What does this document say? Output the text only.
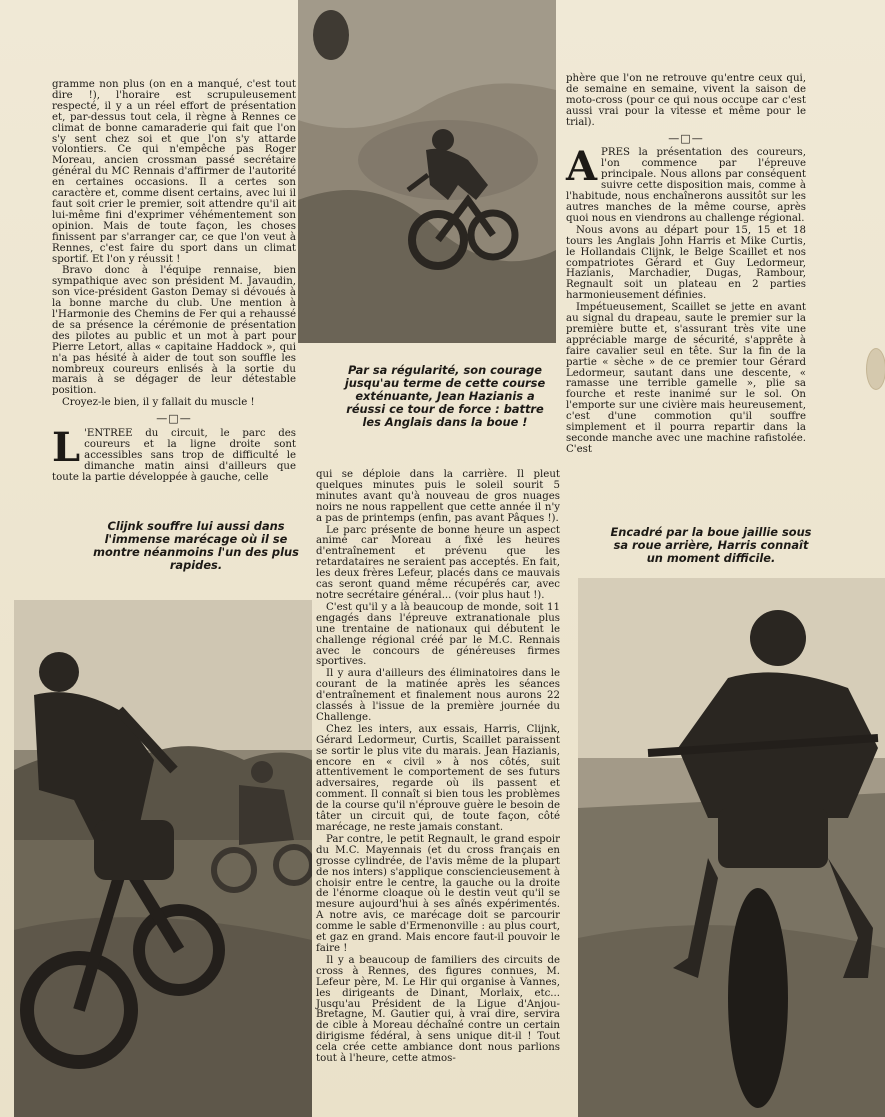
gramme non plus (on en a manqué, c'est tout dire !), l'horaire est scrupuleusement respecté, il y a un réel effort de présentation et, par-dessus tout cela, il règne à Rennes ce climat de bonne camaraderie qui fait que l'on s'y sent chez soi et que l'on s'y attarde volontiers. Ce qui n'empêche pas Roger Moreau, ancien crossman passé secrétaire général du MC Rennais d'affirmer de l'autorité en certaines occasions. Il a certes son caractère et, comme disent certains, avec lui il faut soit crier le premier, soit attendre qu'il ait lui-même fini d'exprimer véhémentement son opinion. Mais de toute façon, les choses finissent par s'arranger car, ce que l'on veut à Rennes, c'est faire du sport dans un climat sportif. Et l'on y réussit !

Bravo donc à l'équipe rennaise, bien sympathique avec son président M. Javaudin, son vice-président Gaston Demay si dévoués à la bonne marche du club. Une mention à l'Harmonie des Chemins de Fer qui a rehaussé de sa présence la cérémonie de présentation des pilotes au public et un mot à part pour Pierre Letort, allas « capitaine Haddock », qui n'a pas hésité à aider de tout son souffle les nombreux coureurs enlisés à la sortie du marais à se dégager de leur détestable position.

Croyez-le bien, il y fallait du muscle !

—□—

L 'ENTREE du circuit, le parc des coureurs et la ligne droite sont accessibles sans trop de difficulté le dimanche matin ainsi d'ailleurs que toute la partie développée à gauche, celle

Par sa régularité, son courage jusqu'au terme de cette course exténuante, Jean Hazianis a réussi ce tour de force : battre les Anglais dans la boue !
Clijnk souffre lui aussi dans l'immense marécage où il se montre néanmoins l'un des plus rapides.

qui se déploie dans la carrière. Il pleut quelques minutes puis le soleil sourit 5 minutes avant qu'à nouveau de gros nuages noirs ne nous rappellent que cette année il n'y a pas de printemps (enfin, pas avant Pâques !).

Le parc présente de bonne heure un aspect animé car Moreau a fixé les heures d'entraînement et prévenu que les retardataires ne seraient pas acceptés. En fait, les deux frères Lefeur, placés dans ce mauvais cas seront quand même récupérés car, avec notre secrétaire général... (voir plus haut !).

C'est qu'il y a là beaucoup de monde, soit 11 engagés dans l'épreuve extranationale plus une trentaine de nationaux qui débutent le challenge régional créé par le M.C. Rennais avec le concours de généreuses firmes sportives.

Il y aura d'ailleurs des éliminatoires dans le courant de la matinée après les séances d'entraînement et finalement nous aurons 22 classés à l'issue de la première journée du Challenge.

Chez les inters, aux essais, Harris, Clijnk, Gérard Ledormeur, Curtis, Scaillet paraissent se sortir le plus vite du marais. Jean Hazianis, encore en « civil » à nos côtés, suit attentivement le comportement de ses futurs adversaires, regarde où ils passent et comment. Il connaît si bien tous les problèmes de la course qu'il n'éprouve guère le besoin de tâter un circuit qui, de toute façon, côté marécage, ne reste jamais constant.

Par contre, le petit Regnault, le grand espoir du M.C. Mayennais (et du cross français en grosse cylindrée, de l'avis même de la plupart de nos inters) s'applique consciencieusement à choisir entre le centre, la gauche ou la droite de l'énorme cloaque où le destin veut qu'il se mesure aujourd'hui à ses aînés expérimentés. A notre avis, ce marécage doit se parcourir comme le sable d'Ermenonville : au plus court, et gaz en grand. Mais encore faut-il pouvoir le faire !

Il y a beaucoup de familiers des circuits de cross à Rennes, des figures connues, M. Lefeur père, M. Le Hir qui organise à Vannes, les dirigeants de Dinant, Morlaix, etc... Jusqu'au Président de la Ligue d'Anjou-Bretagne, M. Gautier qui, à vrai dire, servira de cible à Moreau déchaîné contre un certain dirigisme fédéral, à sens unique dit-il ! Tout cela crée cette ambiance dont nous parlions tout à l'heure, cette atmos-

phère que l'on ne retrouve qu'entre ceux qui, de semaine en semaine, vivent la saison de moto-cross (pour ce qui nous occupe car c'est aussi vrai pour la vitesse et même pour le trial).

—□—

APRES la présentation des coureurs, l'on commence par l'épreuve principale. Nous allons par conséquent suivre cette disposition mais, comme à l'habitude, nous enchaînerons aussitôt sur les autres manches de la même course, après quoi nous en viendrons au challenge régional.

Nous avons au départ pour 15, 15 et 18 tours les Anglais John Harris et Mike Curtis, le Hollandais Clijnk, le Belge Scaillet et nos compatriotes Gérard et Guy Ledormeur, Hazianis, Marchadier, Dugas, Rambour, Regnault soit un plateau en 2 parties harmonieusement définies.

Impétueusement, Scaillet se jette en avant au signal du drapeau, saute le premier sur la première butte et, s'assurant très vite une appréciable marge de sécurité, s'apprête à faire cavalier seul en tête. Sur la fin de la partie « sèche » de ce premier tour Gérard Ledormeur, sautant dans une descente, « ramasse une terrible gamelle », plie sa fourche et reste inanimé sur le sol. On l'emporte sur une civière mais heureusement, c'est d'une commotion qu'il souffre simplement et il pourra repartir dans la seconde manche avec une machine rafistolée. C'est

Encadré par la boue jaillie sous sa roue arrière, Harris connaît un moment difficile.
